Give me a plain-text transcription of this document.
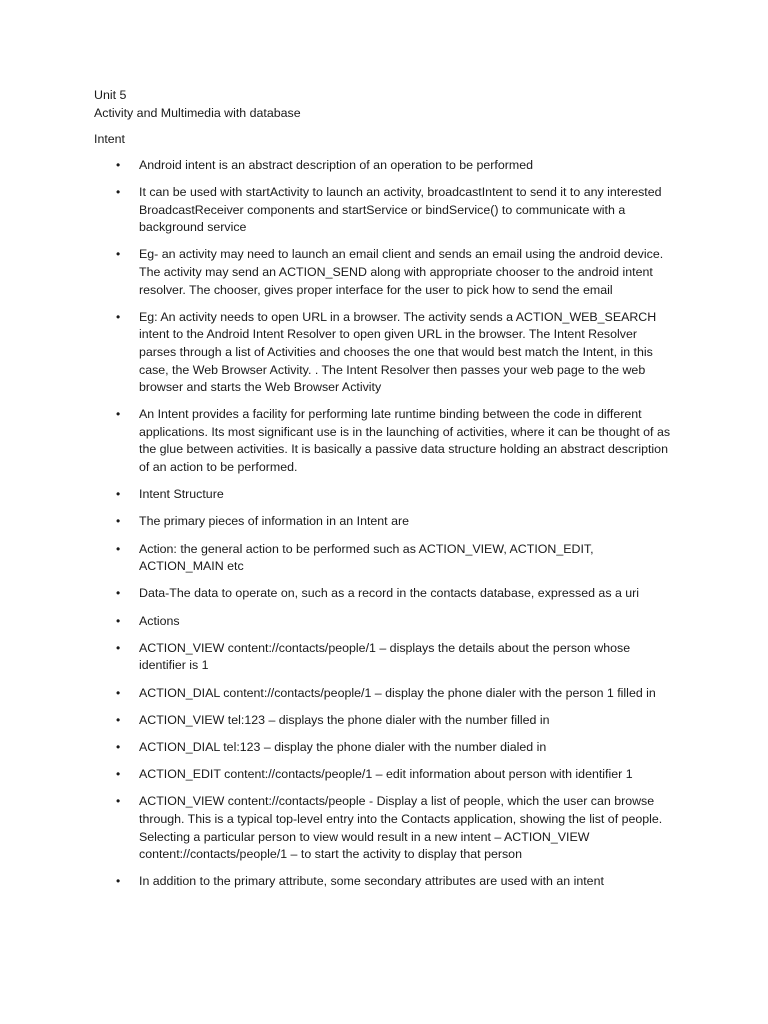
Unit 5
Activity and Multimedia with database
Intent
• Android intent is an abstract description of an operation to be performed
• It can be used with startActivity to launch an activity, broadcastIntent to send it to any interested BroadcastReceiver components and startService or bindService() to communicate with a background service
• Eg- an activity may need to launch an email client and sends an email using the android device. The activity may send an ACTION_SEND along with appropriate chooser to the android intent resolver. The chooser, gives proper interface for the user to pick how to send the email
• Eg: An activity needs to open URL in a browser. The activity sends a ACTION_WEB_SEARCH intent to the Android Intent Resolver to open given URL in the browser. The Intent Resolver parses through a list of Activities and chooses the one that would best match the Intent, in this case, the Web Browser Activity. . The Intent Resolver then passes your web page to the web browser and starts the Web Browser Activity
• An Intent provides a facility for performing late runtime binding between the code in different applications. Its most significant use is in the launching of activities, where it can be thought of as the glue between activities. It is basically a passive data structure holding an abstract description of an action to be performed.
• Intent Structure
• The primary pieces of information in an Intent are
• Action: the general action to be performed such as ACTION_VIEW, ACTION_EDIT, ACTION_MAIN etc
• Data-The data to operate on, such as a record in the contacts database, expressed as a uri
• Actions
• ACTION_VIEW content://contacts/people/1 – displays the details about the person whose identifier is 1
• ACTION_DIAL content://contacts/people/1 – display the phone dialer with the person 1 filled in
• ACTION_VIEW tel:123 – displays the phone dialer with the number filled in
• ACTION_DIAL tel:123 – display the phone dialer with the number dialed in
• ACTION_EDIT content://contacts/people/1 – edit information about person with identifier 1
• ACTION_VIEW content://contacts/people - Display a list of people, which the user can browse through. This is a typical top-level entry into the Contacts application, showing the list of people. Selecting a particular person to view would result in a new intent – ACTION_VIEW content://contacts/people/1 – to start the activity to display that person
• In addition to the primary attribute, some secondary attributes are used with an intent
